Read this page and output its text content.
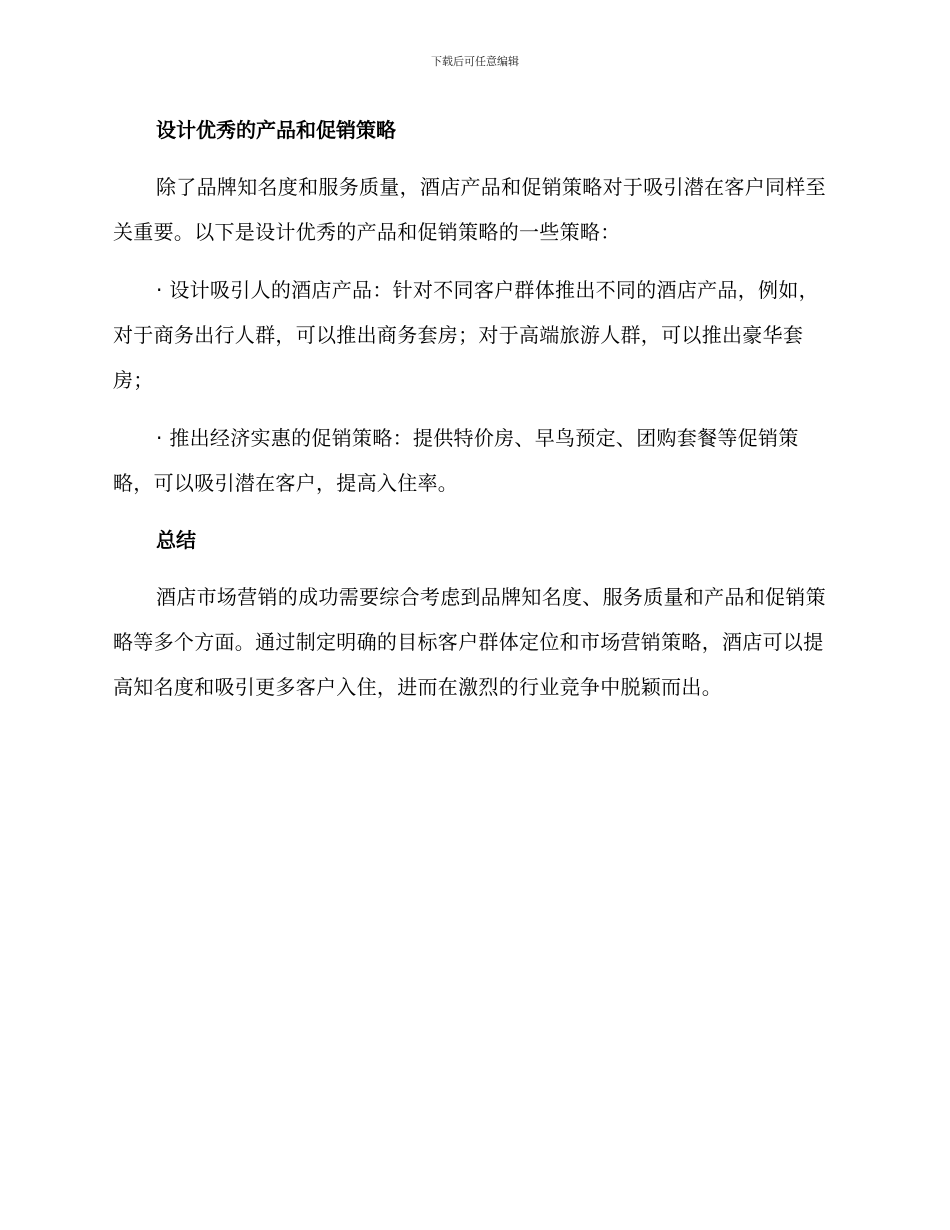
下载后可任意编辑
设计优秀的产品和促销策略

除了品牌知名度和服务质量，酒店产品和促销策略对于吸引潜在客户同样至关重要。以下是设计优秀的产品和促销策略的一些策略：

· 设计吸引人的酒店产品：针对不同客户群体推出不同的酒店产品，例如，对于商务出行人群，可以推出商务套房；对于高端旅游人群，可以推出豪华套房；

· 推出经济实惠的促销策略：提供特价房、早鸟预定、团购套餐等促销策略，可以吸引潜在客户，提高入住率。

总结

酒店市场营销的成功需要综合考虑到品牌知名度、服务质量和产品和促销策略等多个方面。通过制定明确的目标客户群体定位和市场营销策略，酒店可以提高知名度和吸引更多客户入住，进而在激烈的行业竞争中脱颖而出。
